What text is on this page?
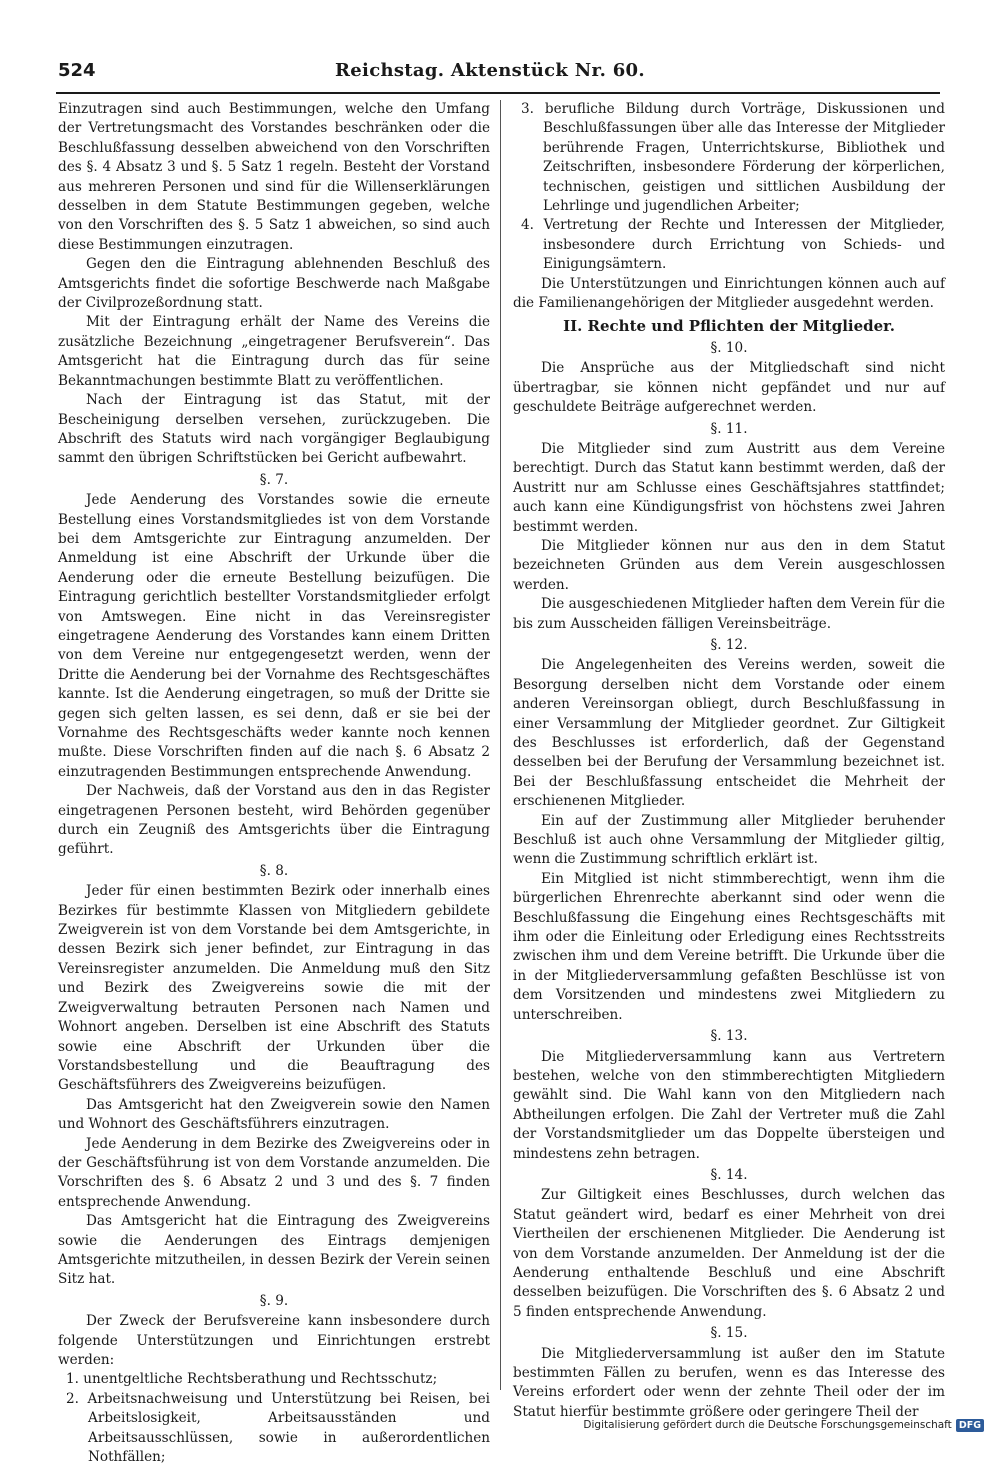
524	Reichstag. Aktenstück Nr. 60.

Einzutragen sind auch Bestimmungen, welche den Umfang der Vertretungsmacht des Vorstandes beschränken oder die Beschlußfassung desselben abweichend von den Vorschriften des §. 4 Absatz 3 und §. 5 Satz 1 regeln. Besteht der Vorstand aus mehreren Personen und sind für die Willenserklärungen desselben in dem Statute Bestimmungen gegeben, welche von den Vorschriften des §. 5 Satz 1 abweichen, so sind auch diese Bestimmungen einzutragen.

Gegen den die Eintragung ablehnenden Beschluß des Amtsgerichts findet die sofortige Beschwerde nach Maßgabe der Civilprozeßordnung statt.

Mit der Eintragung erhält der Name des Vereins die zusätzliche Bezeichnung „eingetragener Berufsverein“. Das Amtsgericht hat die Eintragung durch das für seine Bekanntmachungen bestimmte Blatt zu veröffentlichen.

Nach der Eintragung ist das Statut, mit der Bescheinigung derselben versehen, zurückzugeben. Die Abschrift des Statuts wird nach vorgängiger Beglaubigung sammt den übrigen Schriftstücken bei Gericht aufbewahrt.

§. 7.

Jede Aenderung des Vorstandes sowie die erneute Bestellung eines Vorstandsmitgliedes ist von dem Vorstande bei dem Amtsgerichte zur Eintragung anzumelden. Der Anmeldung ist eine Abschrift der Urkunde über die Aenderung oder die erneute Bestellung beizufügen. Die Eintragung gerichtlich bestellter Vorstandsmitglieder erfolgt von Amtswegen. Eine nicht in das Vereinsregister eingetragene Aenderung des Vorstandes kann einem Dritten von dem Vereine nur entgegengesetzt werden, wenn der Dritte die Aenderung bei der Vornahme des Rechtsgeschäftes kannte. Ist die Aenderung eingetragen, so muß der Dritte sie gegen sich gelten lassen, es sei denn, daß er sie bei der Vornahme des Rechtsgeschäfts weder kannte noch kennen mußte. Diese Vorschriften finden auf die nach §. 6 Absatz 2 einzutragenden Bestimmungen entsprechende Anwendung.

Der Nachweis, daß der Vorstand aus den in das Register eingetragenen Personen besteht, wird Behörden gegenüber durch ein Zeugniß des Amtsgerichts über die Eintragung geführt.

§. 8.

Jeder für einen bestimmten Bezirk oder innerhalb eines Bezirkes für bestimmte Klassen von Mitgliedern gebildete Zweigverein ist von dem Vorstande bei dem Amtsgerichte, in dessen Bezirk sich jener befindet, zur Eintragung in das Vereinsregister anzumelden. Die Anmeldung muß den Sitz und Bezirk des Zweigvereins sowie die mit der Zweigverwaltung betrauten Personen nach Namen und Wohnort angeben. Derselben ist eine Abschrift des Statuts sowie eine Abschrift der Urkunden über die Vorstandsbestellung und die Beauftragung des Geschäftsführers des Zweigvereins beizufügen.

Das Amtsgericht hat den Zweigverein sowie den Namen und Wohnort des Geschäftsführers einzutragen.

Jede Aenderung in dem Bezirke des Zweigvereins oder in der Geschäftsführung ist von dem Vorstande anzumelden. Die Vorschriften des §. 6 Absatz 2 und 3 und des §. 7 finden entsprechende Anwendung.

Das Amtsgericht hat die Eintragung des Zweigvereins sowie die Aenderungen des Eintrags demjenigen Amtsgerichte mitzutheilen, in dessen Bezirk der Verein seinen Sitz hat.

§. 9.

Der Zweck der Berufsvereine kann insbesondere durch folgende Unterstützungen und Einrichtungen erstrebt werden:

1. unentgeltliche Rechtsberathung und Rechtsschutz;

2. Arbeitsnachweisung und Unterstützung bei Reisen, bei Arbeitslosigkeit, Arbeitsausständen und Arbeitsausschlüssen, sowie in außerordentlichen Nothfällen;

3. berufliche Bildung durch Vorträge, Diskussionen und Beschlußfassungen über alle das Interesse der Mitglieder berührende Fragen, Unterrichtskurse, Bibliothek und Zeitschriften, insbesondere Förderung der körperlichen, technischen, geistigen und sittlichen Ausbildung der Lehrlinge und jugendlichen Arbeiter;

4. Vertretung der Rechte und Interessen der Mitglieder, insbesondere durch Errichtung von Schieds- und Einigungsämtern.

Die Unterstützungen und Einrichtungen können auch auf die Familienangehörigen der Mitglieder ausgedehnt werden.

II. Rechte und Pflichten der Mitglieder.

§. 10.

Die Ansprüche aus der Mitgliedschaft sind nicht übertragbar, sie können nicht gepfändet und nur auf geschuldete Beiträge aufgerechnet werden.

§. 11.

Die Mitglieder sind zum Austritt aus dem Vereine berechtigt. Durch das Statut kann bestimmt werden, daß der Austritt nur am Schlusse eines Geschäftsjahres stattfindet; auch kann eine Kündigungsfrist von höchstens zwei Jahren bestimmt werden.

Die Mitglieder können nur aus den in dem Statut bezeichneten Gründen aus dem Verein ausgeschlossen werden.

Die ausgeschiedenen Mitglieder haften dem Verein für die bis zum Ausscheiden fälligen Vereinsbeiträge.

§. 12.

Die Angelegenheiten des Vereins werden, soweit die Besorgung derselben nicht dem Vorstande oder einem anderen Vereinsorgan obliegt, durch Beschlußfassung in einer Versammlung der Mitglieder geordnet. Zur Giltigkeit des Beschlusses ist erforderlich, daß der Gegenstand desselben bei der Berufung der Versammlung bezeichnet ist. Bei der Beschlußfassung entscheidet die Mehrheit der erschienenen Mitglieder.

Ein auf der Zustimmung aller Mitglieder beruhender Beschluß ist auch ohne Versammlung der Mitglieder giltig, wenn die Zustimmung schriftlich erklärt ist.

Ein Mitglied ist nicht stimmberechtigt, wenn ihm die bürgerlichen Ehrenrechte aberkannt sind oder wenn die Beschlußfassung die Eingehung eines Rechtsgeschäfts mit ihm oder die Einleitung oder Erledigung eines Rechtsstreits zwischen ihm und dem Vereine betrifft. Die Urkunde über die in der Mitgliederversammlung gefaßten Beschlüsse ist von dem Vorsitzenden und mindestens zwei Mitgliedern zu unterschreiben.

§. 13.

Die Mitgliederversammlung kann aus Vertretern bestehen, welche von den stimmberechtigten Mitgliedern gewählt sind. Die Wahl kann von den Mitgliedern nach Abtheilungen erfolgen. Die Zahl der Vertreter muß die Zahl der Vorstandsmitglieder um das Doppelte übersteigen und mindestens zehn betragen.

§. 14.

Zur Giltigkeit eines Beschlusses, durch welchen das Statut geändert wird, bedarf es einer Mehrheit von drei Viertheilen der erschienenen Mitglieder. Die Aenderung ist von dem Vorstande anzumelden. Der Anmeldung ist der die Aenderung enthaltende Beschluß und eine Abschrift desselben beizufügen. Die Vorschriften des §. 6 Absatz 2 und 5 finden entsprechende Anwendung.

§. 15.

Die Mitgliederversammlung ist außer den im Statute bestimmten Fällen zu berufen, wenn es das Interesse des Vereins erfordert oder wenn der zehnte Theil oder der im Statut hierfür bestimmte größere oder geringere Theil der

Digitalisierung gefördert durch die Deutsche Forschungsgemeinschaft DFG
